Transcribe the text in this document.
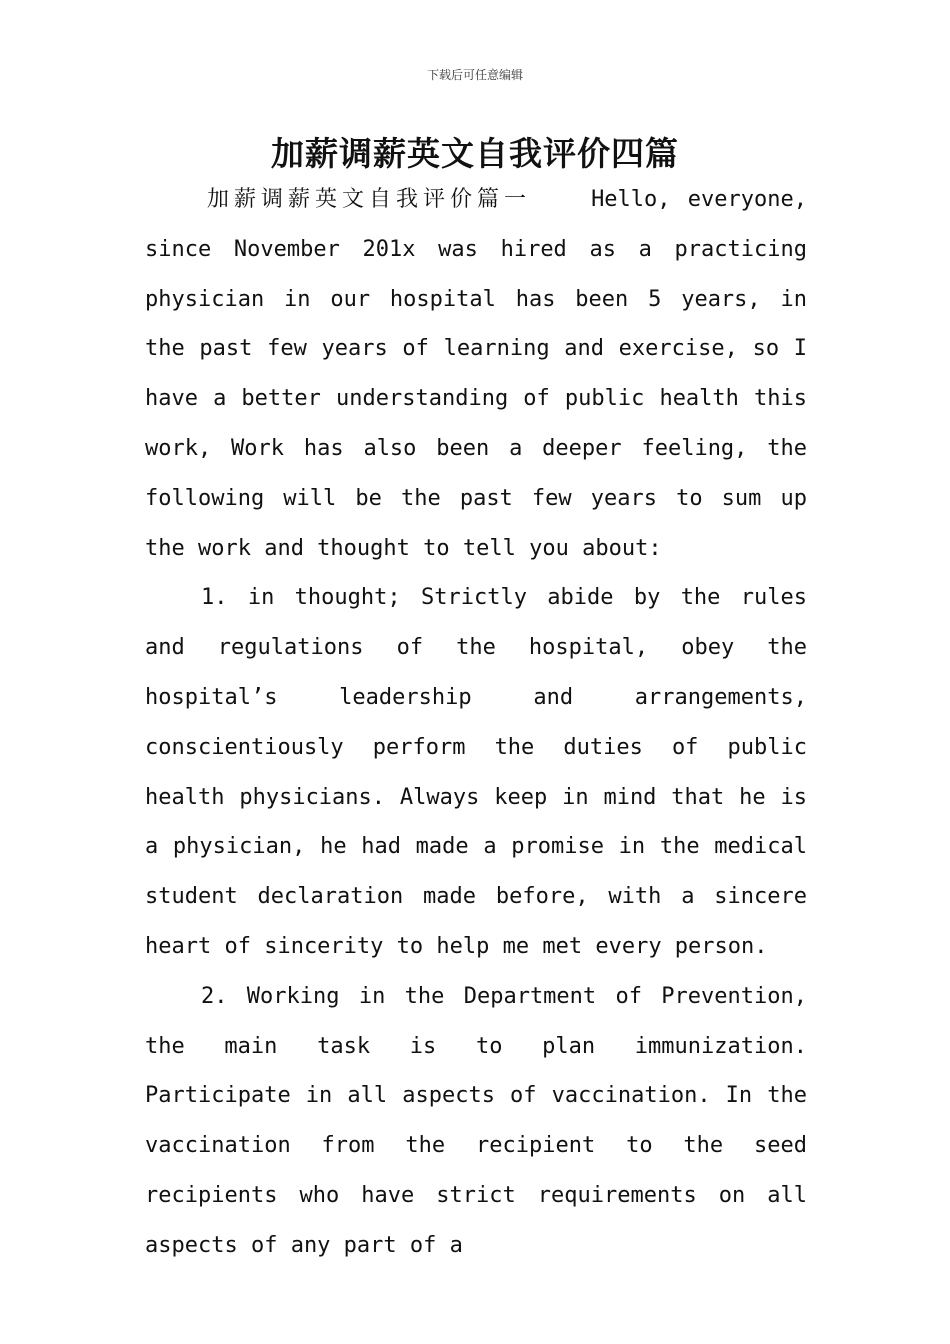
下载后可任意编辑
加薪调薪英文自我评价四篇

加薪调薪英文自我评价篇一	Hello, everyone, since November 201x was hired as a practicing physician in our hospital has been 5 years, in the past few years of learning and exercise, so I have a better understanding of public health this work, Work has also been a deeper feeling, the following will be the past few years to sum up the work and thought to tell you about:

1. in thought; Strictly abide by the rules and regulations of the hospital, obey the hospital’s leadership and arrangements, conscientiously perform the duties of public health physicians. Always keep in mind that he is a physician, he had made a promise in the medical student declaration made before, with a sincere heart of sincerity to help me met every person.

2. Working in the Department of Prevention, the main task is to plan immunization. Participate in all aspects of vaccination. In the vaccination from the recipient to the seed recipients who have strict requirements on all aspects of any part of a
